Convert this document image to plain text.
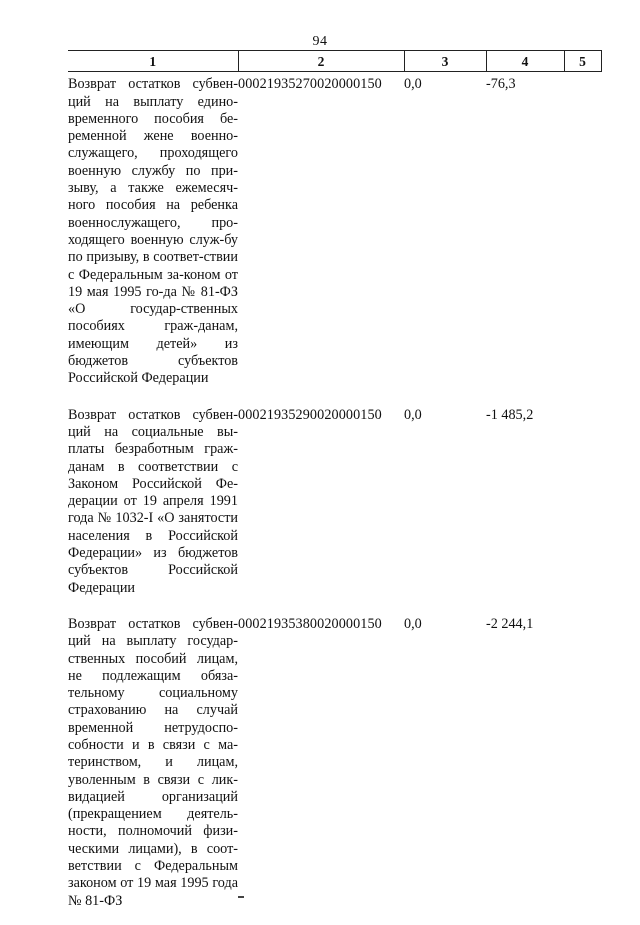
94
1	2	3	4	5
Возврат остатков субвен-ций на выплату едино-временного пособия бе-ременной жене военно-служащего, проходящего военную службу по при-зыву, а также ежемесяч-ного пособия на ребенка военнослужащего, про-ходящего военную служ-бу по призыву, в соответ-ствии с Федеральным за-коном от 19 мая 1995 го-да № 81-ФЗ «О государ-ственных пособиях граж-данам, имеющим детей» из бюджетов субъектов Российской Федерации	00021935270020000150	0,0	-76,3	
Возврат остатков субвен-ций на социальные вы-платы безработным граж-данам в соответствии с Законом Российской Фе-дерации от 19 апреля 1991 года № 1032-I «О занятости населения в Российской Федерации» из бюджетов субъектов Российской Федерации	00021935290020000150	0,0	-1 485,2	
Возврат остатков субвен-ций на выплату государ-ственных пособий лицам, не подлежащим обяза-тельному социальному страхованию на случай временной нетрудоспо-собности и в связи с ма-теринством, и лицам, уволенным в связи с лик-видацией организаций (прекращением деятель-ности, полномочий физи-ческими лицами), в соот-ветствии с Федеральным законом от 19 мая 1995 года № 81-ФЗ	00021935380020000150	0,0	-2 244,1	
